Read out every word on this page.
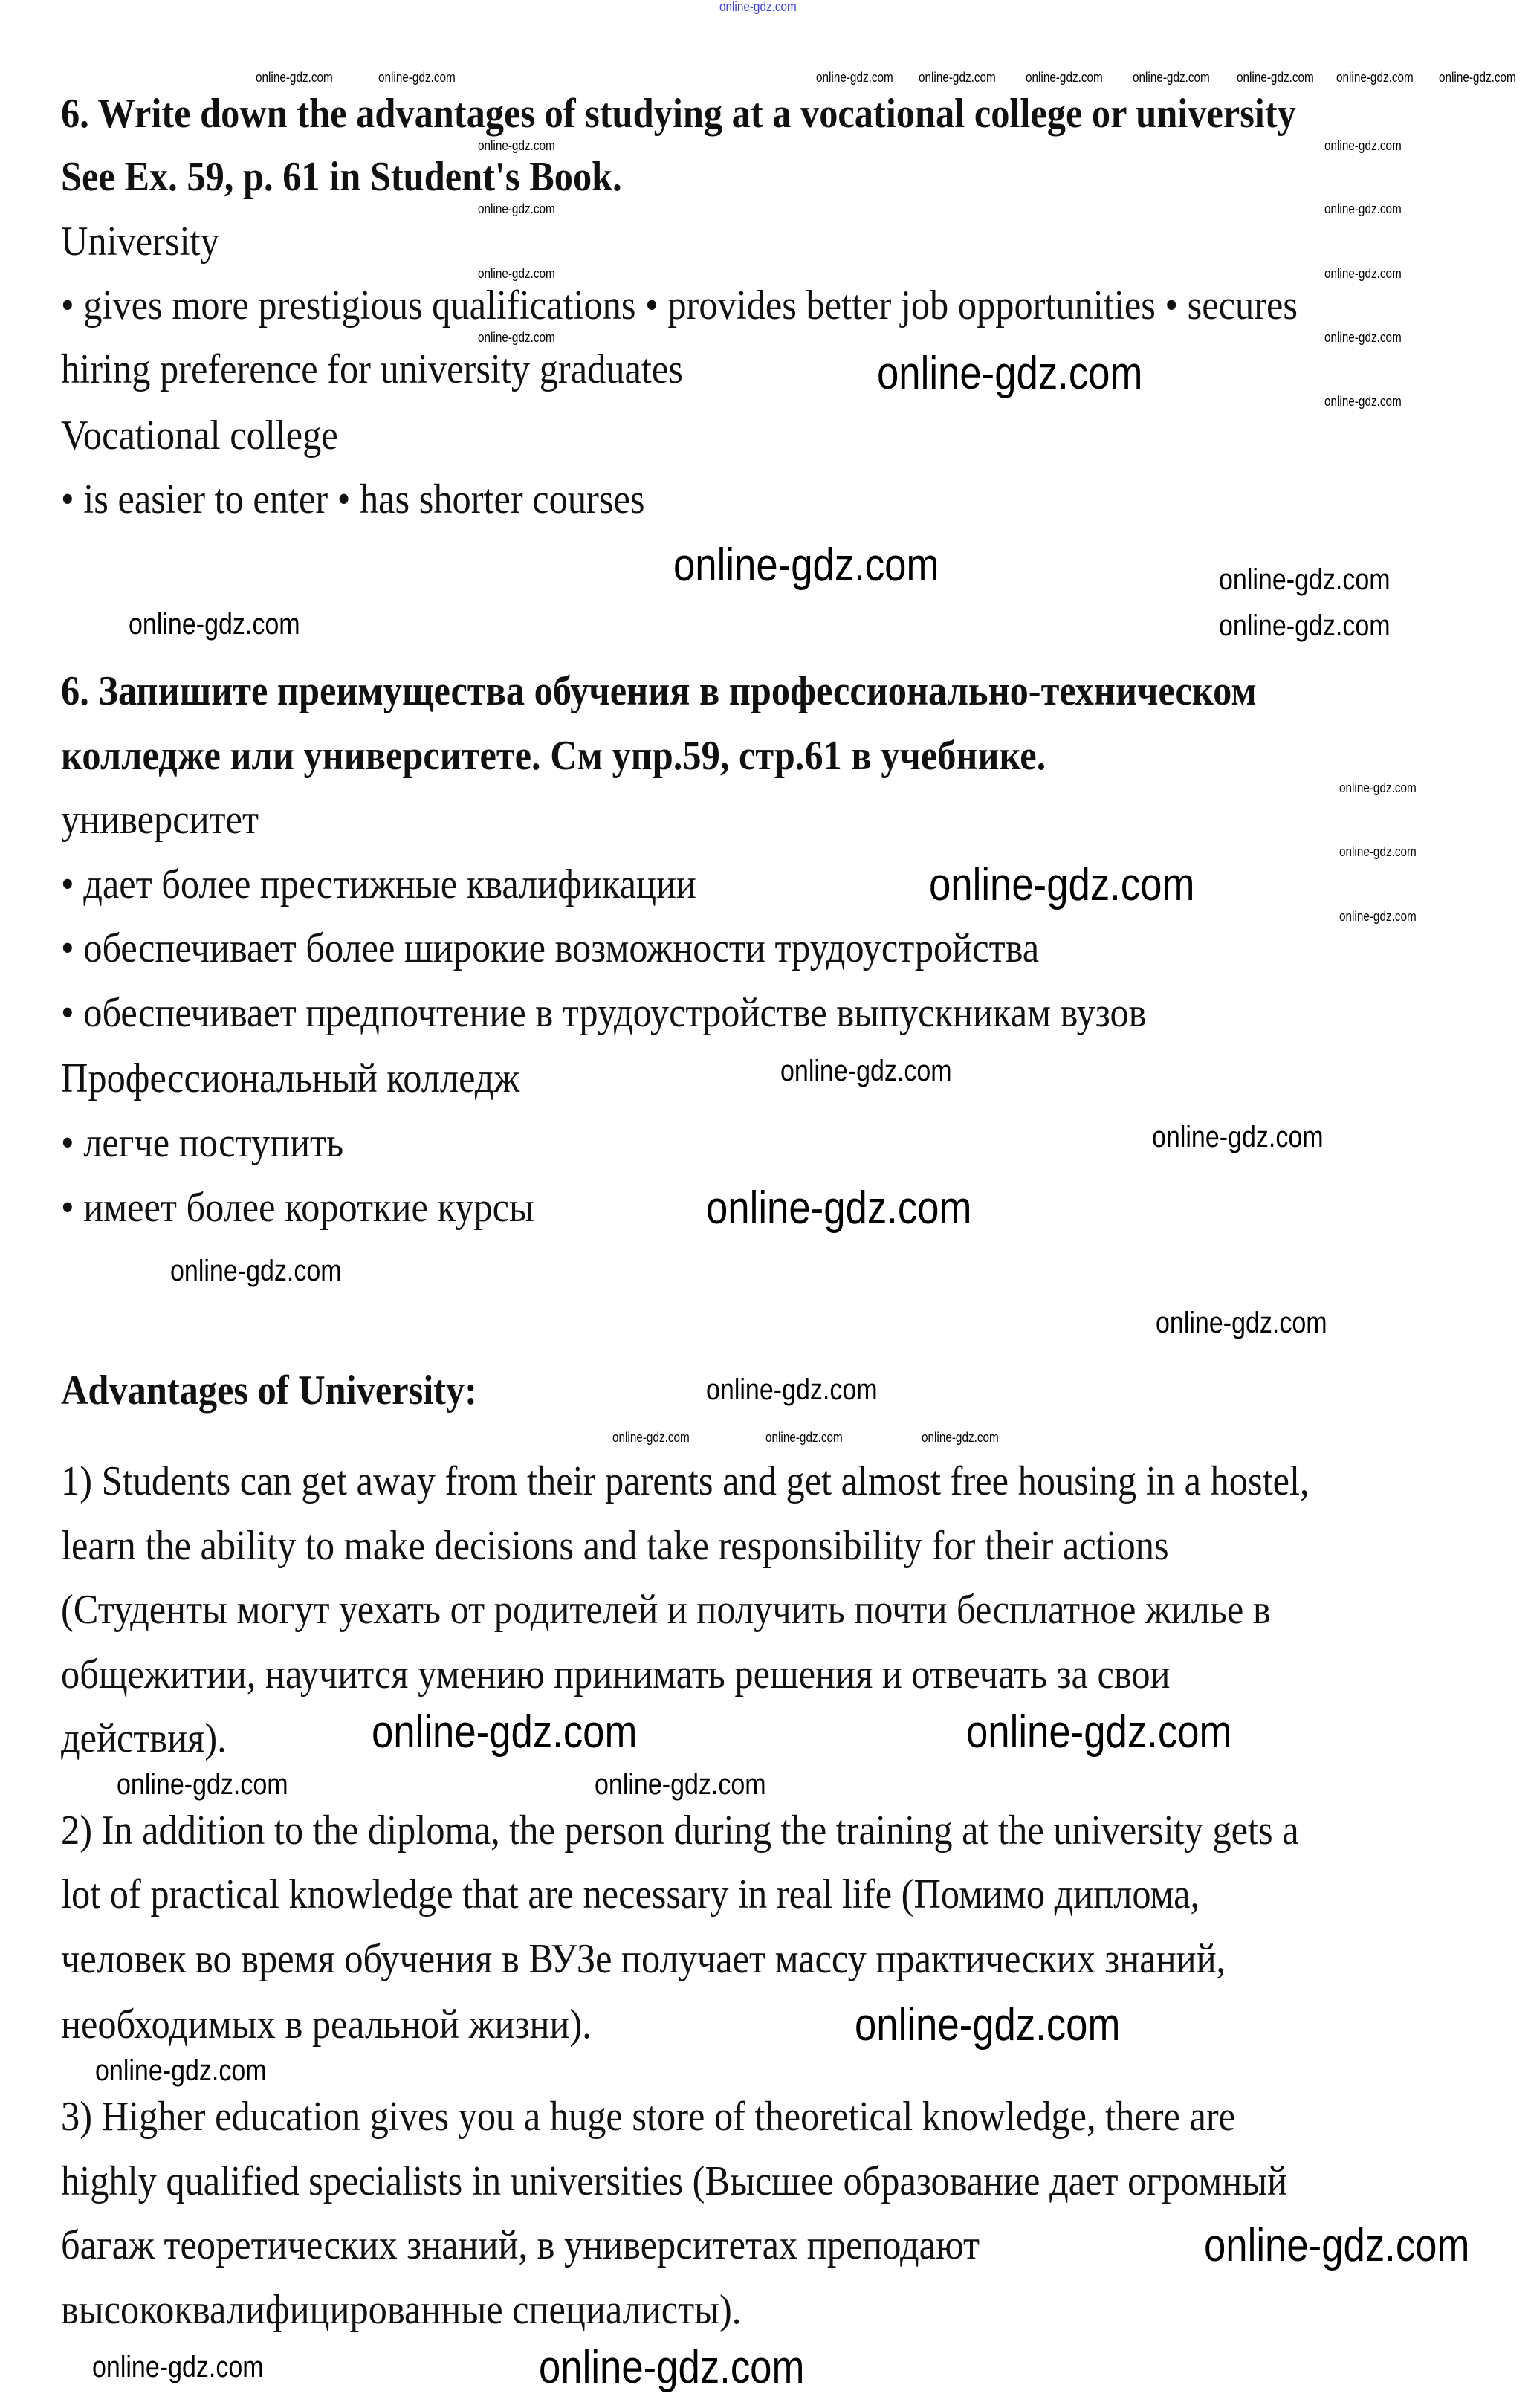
online-gdz.com
online-gdz.com	online-gdz.com	online-gdz.com online-gdz.com online-gdz.com online-gdz.com online-gdz.com online-gdz.com online-gdz.com
online-gdz.com
online-gdz.com
online-gdz.com
online-gdz.com
online-gdz.com
online-gdz.com
online-gdz.com
online-gdz.com
online-gdz.com
online-gdz.com
online-gdz.com
online-gdz.com
online-gdz.com	online-gdz.com	online-gdz.com
online-gdz.com
online-gdz.com
online-gdz.com
online-gdz.com
online-gdz.com	online-gdz.com
online-gdz.com
online-gdz.com
online-gdz.com
online-gdz.com
online-gdz.com
online-gdz.com
online-gdz.com
online-gdz.com
online-gdz.com
online-gdz.com
online-gdz.com
online-gdz.com	online-gdz.com
online-gdz.com
online-gdz.com
6. Write down the advantages of studying at a vocational college or university
See Ex. 59, p. 61 in Student's Book.
University
• gives more prestigious qualifications • provides better job opportunities • secures
hiring preference for university graduates
Vocational college
• is easier to enter • has shorter courses
6. Запишите преимущества обучения в профессионально-техническом
колледже или университете. См упр.59, стр.61 в учебнике.
университет
• дает более престижные квалификации
• обеспечивает более широкие возможности трудоустройства
• обеспечивает предпочтение в трудоустройстве выпускникам вузов
Профессиональный колледж
• легче поступить
• имеет более короткие курсы
Advantages of University:
1) Students can get away from their parents and get almost free housing in a hostel,
learn the ability to make decisions and take responsibility for their actions
(Студенты могут уехать от родителей и получить почти бесплатное жилье в
общежитии, научится умению принимать решения и отвечать за свои
действия).
2) In addition to the diploma, the person during the training at the university gets a
lot of practical knowledge that are necessary in real life (Помимо диплома,
человек во время обучения в ВУЗе получает массу практических знаний,
необходимых в реальной жизни).
3) Higher education gives you a huge store of theoretical knowledge, there are
highly qualified specialists in universities (Высшее образование дает огромный
багаж теоретических знаний, в университетах преподают
высококвалифицированные специалисты).
